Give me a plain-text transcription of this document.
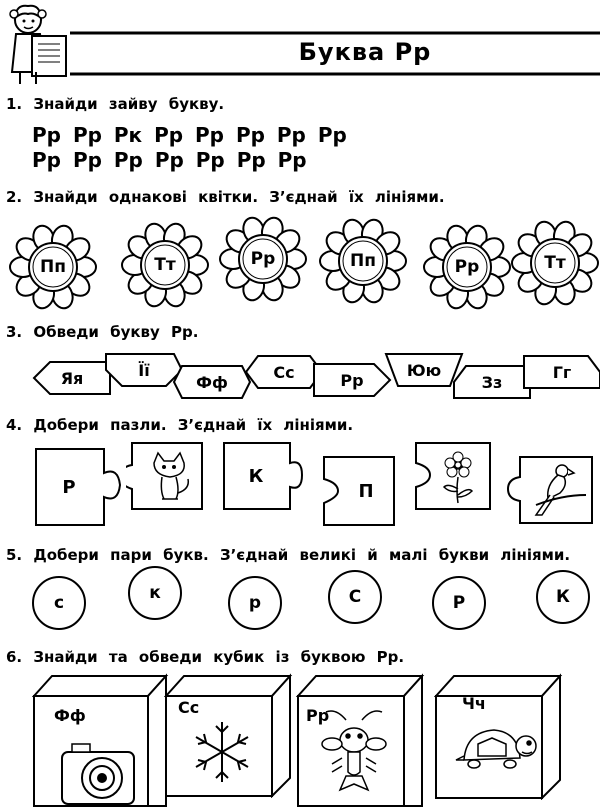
Буква Рр
1. Знайди зайву букву.
Рр Рр Рк Рр Рр Рр Рр Рр
Рр Рр Рр Рр Рр Рр Рр
2. Знайди однакові квітки. З’єднай їх лініями.
Пп	Тт	Рр	Пп	Рр	Тт
3. Обведи букву Рр.
Яя	Її
Фф
Сс	Рр
Юю
Зз
Гг
4. Добери пазли. З’єднай їх лініями.
Р
К
П
5. Добери пари букв. З’єднай великі й малі букви лініями.
с	к	р	С	Р	К
6. Знайди та обведи кубик із буквою Рр.
Фф	Сс	Рр
Чч
